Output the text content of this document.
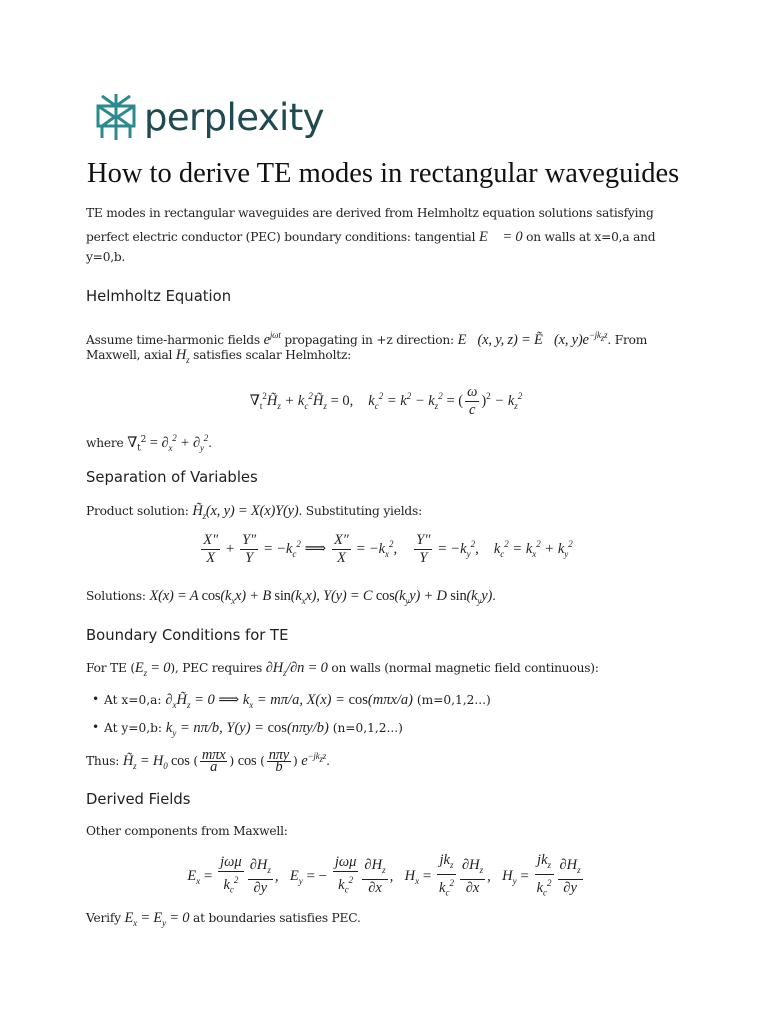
perplexity
How to derive TE modes in rectangular waveguides
TE modes in rectangular waveguides are derived from Helmholtz equation solutions satisfying
perfect electric conductor (PEC) boundary conditions: tangential E⃗ = 0 on walls at x=0,a and
y=0,b.
Helmholtz Equation
Assume time-harmonic fields $e^{j\omega t}$ propagating in +z direction: E⃗(x, y, z) = Ẽ⃗(x, $y)e^{-jk_zz}$. From
Maxwell, axial $H_z$ satisfies scalar Helmholtz:
$\nabla_t^2H̃_z$ + $k_c^2H̃_z = 0$, $k_c^2 = k^2 - k_z^2$ = ( $\frac{\omega}{c} )^2 - k_z^2$
where $\nabla_t^2 = \partial_x^2 + \partial_y^2$.
Separation of Variables
Product solution: $H̃_z(x$, y) = X(x)Y(y). Substituting yields:
$\frac{X''}{X} + \frac{Y''}{Y} = -k_c^2$ ⟹ $\frac{X''}{X} = -k_x^2$, $\frac{Y''}{Y} = -k_y^2$,    $k_c^2 = k_x^2 + k_y^2$
Solutions: X(x) = A $\cos(k_xx) + B$ $\sin(k_xx)$, Y(y) = C $\cos(k_yy) + D$ $\sin(k_yy)$.
Boundary Conditions for TE
For TE $(E_z = 0)$, PEC requires $\partial H_z/\partial n = 0$ on walls (normal magnetic field continuous):
• At x=0,a: $\partial_xH̃_z = 0$ ⟹ $k_x = m\pi/a$, X(x) = cos(mπx/a) (m=0,1,2...)
• At y=0,b: $k_y = n\pi/b$, Y(y) = cos(nπy/b) (n=0,1,2...)
Thus: $H̃_z = H_0$ cos ( $\frac{\text{mπx}}{a}$ ) cos ( $\frac{\text{nπy}}{b}$ ) $e^{-jk_zz}$.
Derived Fields
Other components from Maxwell:
$E_x = \frac{\text{jωμ}}{k_c^2} \frac{\partial H_z}{\partial y}$ ,   $E_y$ = − $\frac{\text{jωμ}}{k_c^2} \frac{\partial H_z}{\partial x}$ ,   $H_x = \frac{jk_z}{k_c^2} \frac{\partial H_z}{\partial x}$ ,   $H_y = \frac{jk_z}{k_c^2} \frac{\partial H_z}{\partial y}$
Verify $E_x = E_y = 0$ at boundaries satisfies PEC.
